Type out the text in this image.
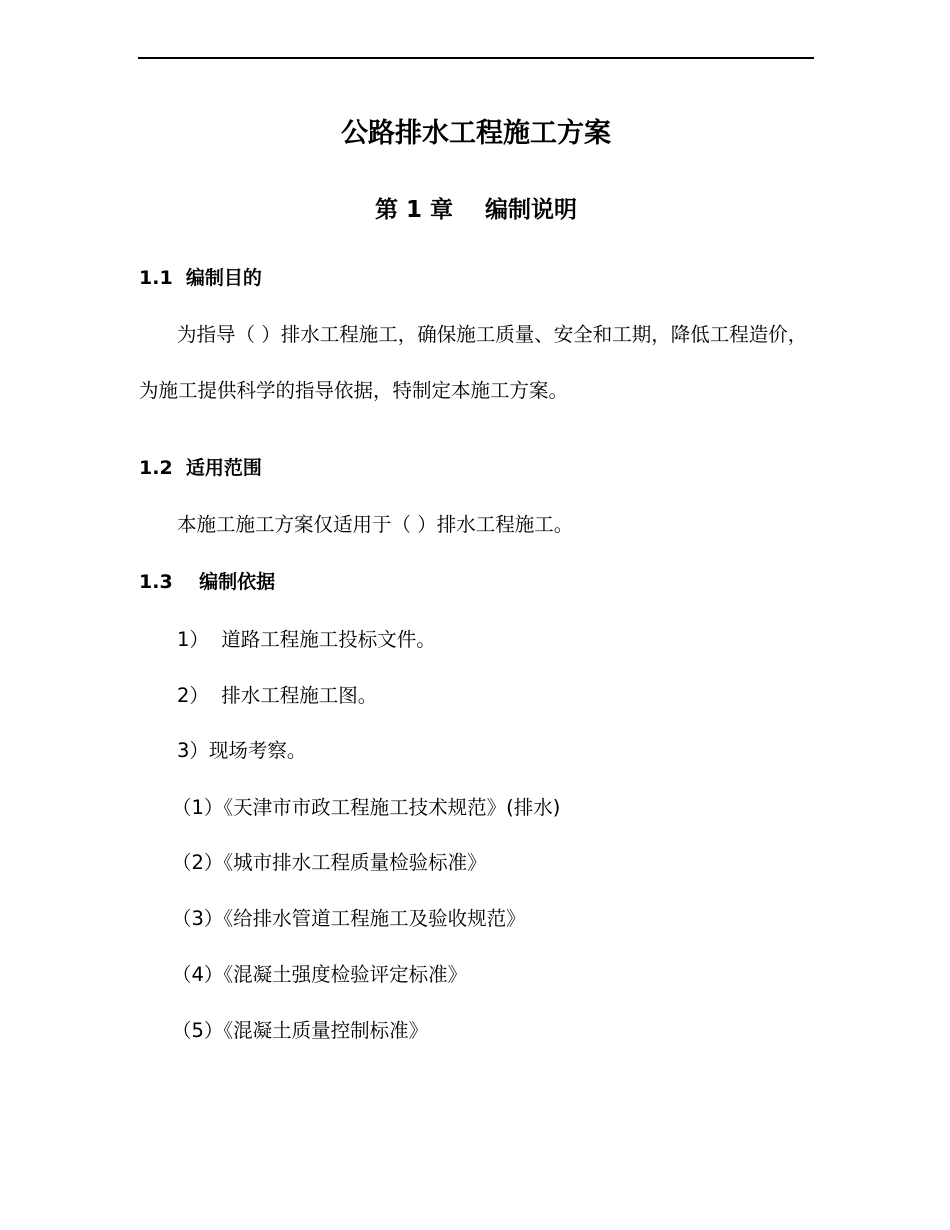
公路排水工程施工方案
第 1 章    编制说明
1.1  编制目的
为指导（ ）排水工程施工，确保施工质量、安全和工期，降低工程造价，为施工提供科学的指导依据，特制定本施工方案。
1.2  适用范围
本施工施工方案仅适用于（ ）排水工程施工。
1.3    编制依据
1）  道路工程施工投标文件。
2）  排水工程施工图。
3）现场考察。
（1）《天津市市政工程施工技术规范》(排水)
（2）《城市排水工程质量检验标准》
（3）《给排水管道工程施工及验收规范》
（4）《混凝土强度检验评定标准》
（5）《混凝土质量控制标准》
